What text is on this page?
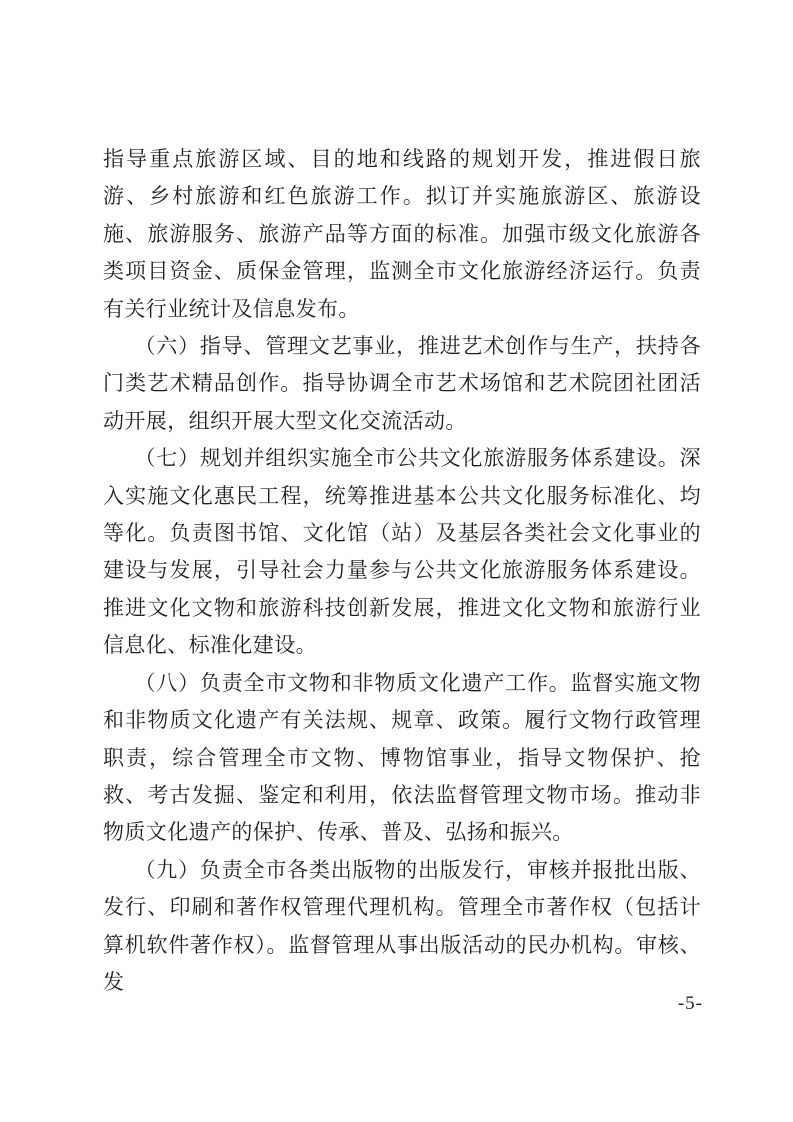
指导重点旅游区域、目的地和线路的规划开发，推进假日旅游、乡村旅游和红色旅游工作。拟订并实施旅游区、旅游设施、旅游服务、旅游产品等方面的标准。加强市级文化旅游各类项目资金、质保金管理，监测全市文化旅游经济运行。负责有关行业统计及信息发布。

（六）指导、管理文艺事业，推进艺术创作与生产，扶持各门类艺术精品创作。指导协调全市艺术场馆和艺术院团社团活动开展，组织开展大型文化交流活动。

（七）规划并组织实施全市公共文化旅游服务体系建设。深入实施文化惠民工程，统筹推进基本公共文化服务标准化、均等化。负责图书馆、文化馆（站）及基层各类社会文化事业的建设与发展，引导社会力量参与公共文化旅游服务体系建设。推进文化文物和旅游科技创新发展，推进文化文物和旅游行业信息化、标准化建设。

（八）负责全市文物和非物质文化遗产工作。监督实施文物和非物质文化遗产有关法规、规章、政策。履行文物行政管理职责，综合管理全市文物、博物馆事业，指导文物保护、抢救、考古发掘、鉴定和利用，依法监督管理文物市场。推动非物质文化遗产的保护、传承、普及、弘扬和振兴。

（九）负责全市各类出版物的出版发行，审核并报批出版、发行、印刷和著作权管理代理机构。管理全市著作权（包括计算机软件著作权）。监督管理从事出版活动的民办机构。审核、发

-5-
